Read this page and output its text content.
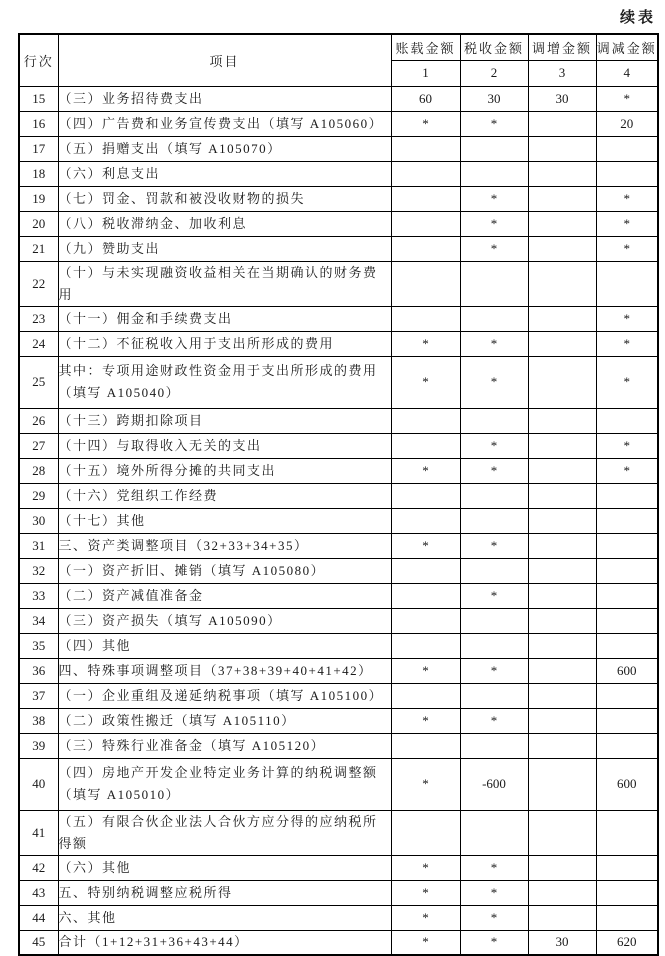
续表
行次	项目	账载金额	税收金额	调增金额	调减金额
		1	2	3	4
15	（三）业务招待费支出	60	30	30	*
16	（四）广告费和业务宣传费支出（填写 A105060）	*	*		20
17	（五）捐赠支出（填写 A105070）				
18	（六）利息支出				
19	（七）罚金、罚款和被没收财物的损失		*		*
20	（八）税收滞纳金、加收利息		*		*
21	（九）赞助支出		*		*
22	（十）与未实现融资收益相关在当期确认的财务费用				
23	（十一）佣金和手续费支出				*
24	（十二）不征税收入用于支出所形成的费用	*	*		*
25	其中：专项用途财政性资金用于支出所形成的费用（填写 A105040）	*	*		*
26	（十三）跨期扣除项目				
27	（十四）与取得收入无关的支出		*		*
28	（十五）境外所得分摊的共同支出	*	*		*
29	（十六）党组织工作经费				
30	（十七）其他				
31	三、资产类调整项目（32+33+34+35）	*	*		
32	（一）资产折旧、摊销（填写 A105080）				
33	（二）资产减值准备金		*		
34	（三）资产损失（填写 A105090）				
35	（四）其他				
36	四、特殊事项调整项目（37+38+39+40+41+42）	*	*		600
37	（一）企业重组及递延纳税事项（填写 A105100）				
38	（二）政策性搬迁（填写 A105110）	*	*		
39	（三）特殊行业准备金（填写 A105120）				
40	（四）房地产开发企业特定业务计算的纳税调整额（填写 A105010）	*	-600		600
41	（五）有限合伙企业法人合伙方应分得的应纳税所得额				
42	（六）其他	*	*		
43	五、特别纳税调整应税所得	*	*		
44	六、其他	*	*		
45	合计（1+12+31+36+43+44）	*	*	30	620
